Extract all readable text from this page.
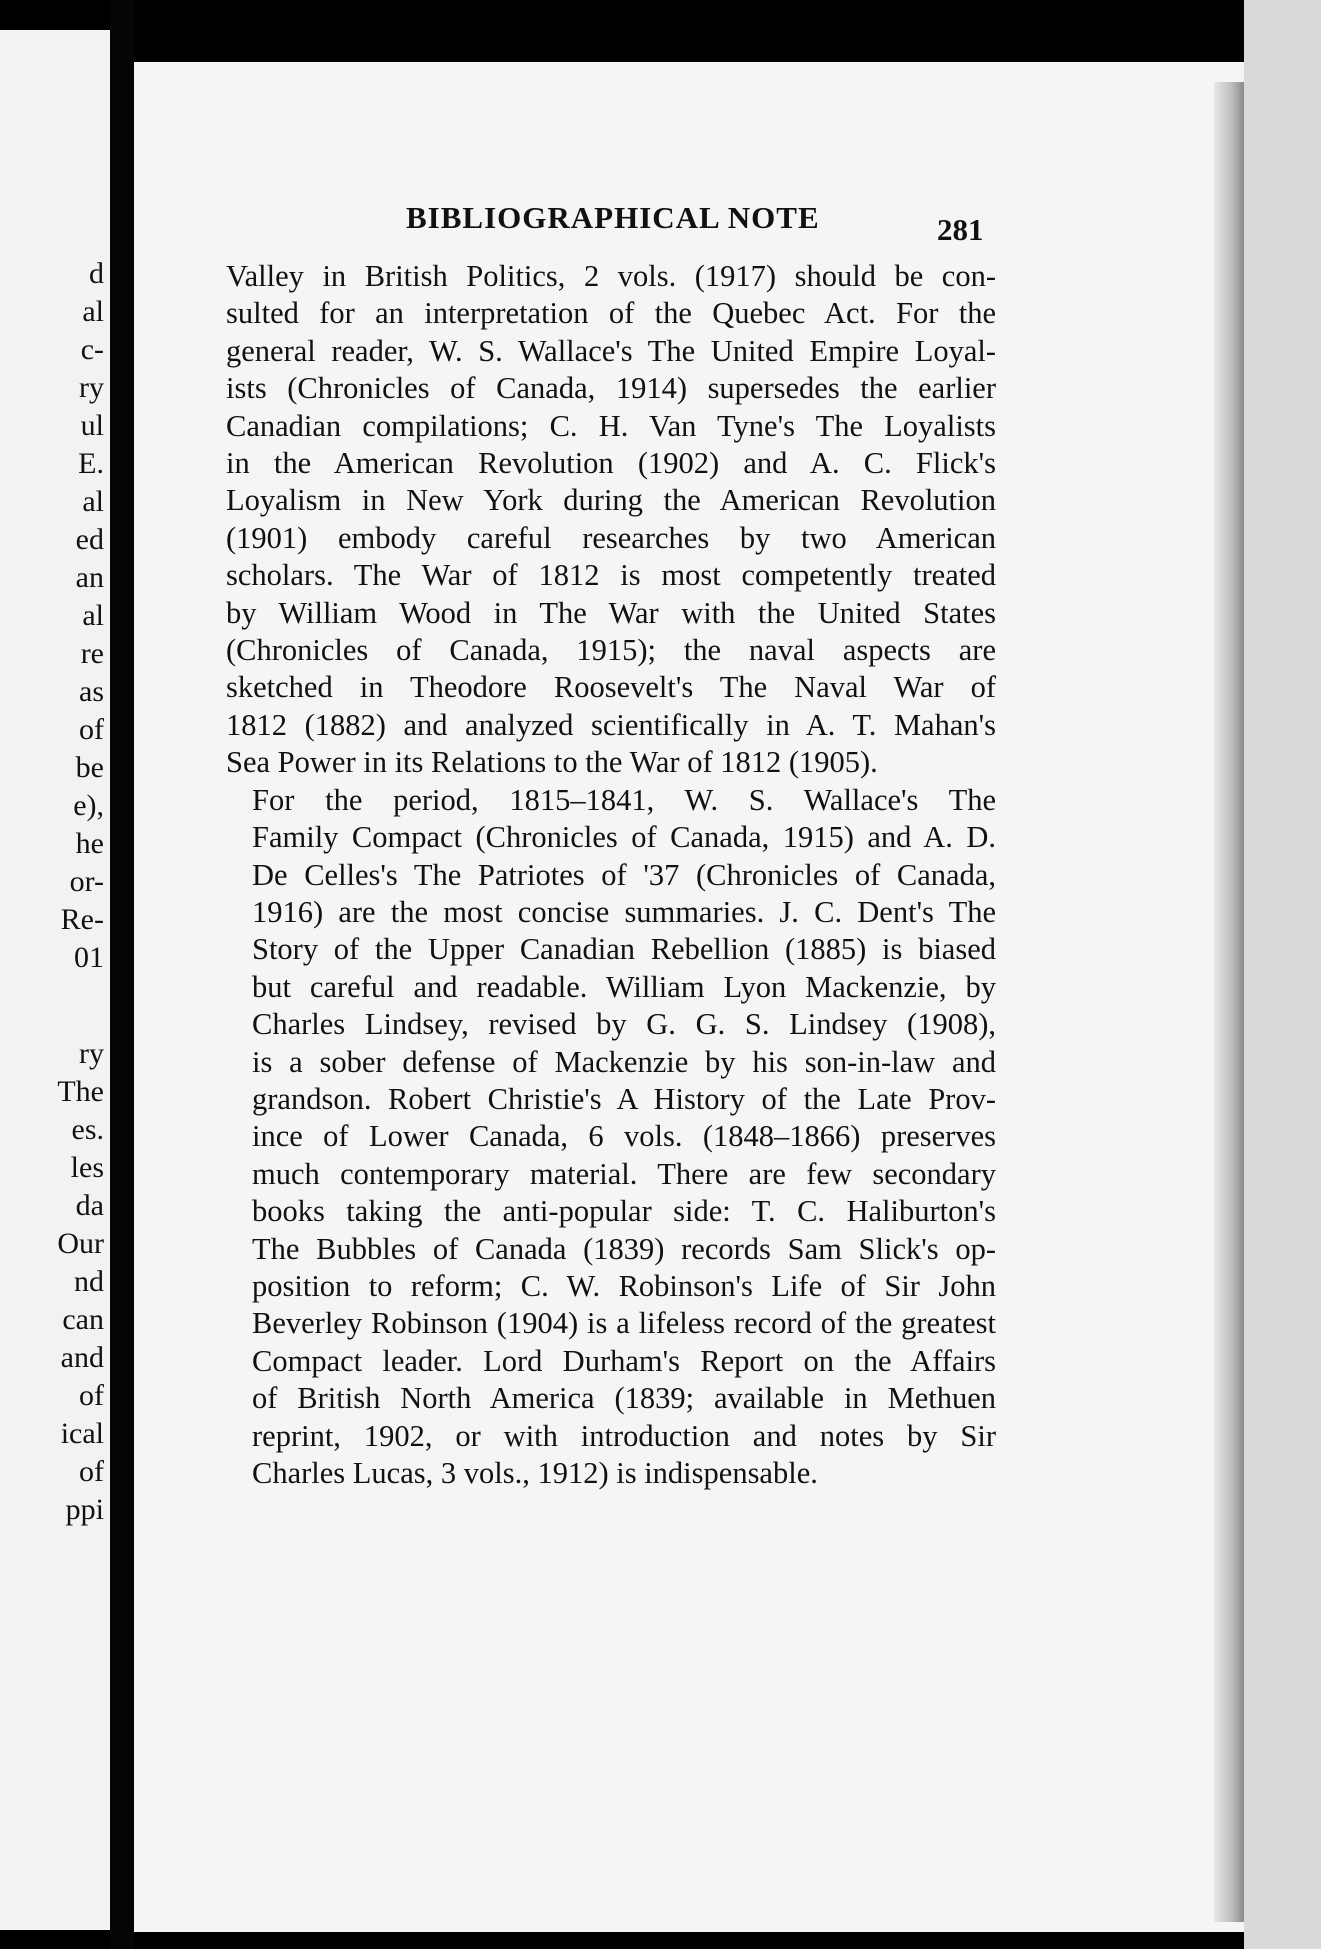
d
al
c-
ry
ul
E.
al
ed
an
al
re
as
of
be
e),
he
or-
Re-
01
ry
The
es.
les
da
Our
nd
can
and
of
ical
of
ppi
BIBLIOGRAPHICAL NOTE	281

Valley in British Politics, 2 vols. (1917) should be con-
sulted for an interpretation of the Quebec Act. For the
general reader, W. S. Wallace's The United Empire Loyal-
ists (Chronicles of Canada, 1914) supersedes the earlier
Canadian compilations; C. H. Van Tyne's The Loyalists
in the American Revolution (1902) and A. C. Flick's
Loyalism in New York during the American Revolution
(1901) embody careful researches by two American
scholars. The War of 1812 is most competently treated
by William Wood in The War with the United States
(Chronicles of Canada, 1915); the naval aspects are
sketched in Theodore Roosevelt's The Naval War of
1812 (1882) and analyzed scientifically in A. T. Mahan's
Sea Power in its Relations to the War of 1812 (1905).

For the period, 1815–1841, W. S. Wallace's The
Family Compact (Chronicles of Canada, 1915) and A. D.
De Celles's The Patriotes of '37 (Chronicles of Canada,
1916) are the most concise summaries. J. C. Dent's The
Story of the Upper Canadian Rebellion (1885) is biased
but careful and readable. William Lyon Mackenzie, by
Charles Lindsey, revised by G. G. S. Lindsey (1908),
is a sober defense of Mackenzie by his son-in-law and
grandson. Robert Christie's A History of the Late Prov-
ince of Lower Canada, 6 vols. (1848–1866) preserves
much contemporary material. There are few secondary
books taking the anti-popular side: T. C. Haliburton's
The Bubbles of Canada (1839) records Sam Slick's op-
position to reform; C. W. Robinson's Life of Sir John
Beverley Robinson (1904) is a lifeless record of the greatest
Compact leader. Lord Durham's Report on the Affairs
of British North America (1839; available in Methuen
reprint, 1902, or with introduction and notes by Sir
Charles Lucas, 3 vols., 1912) is indispensable.
